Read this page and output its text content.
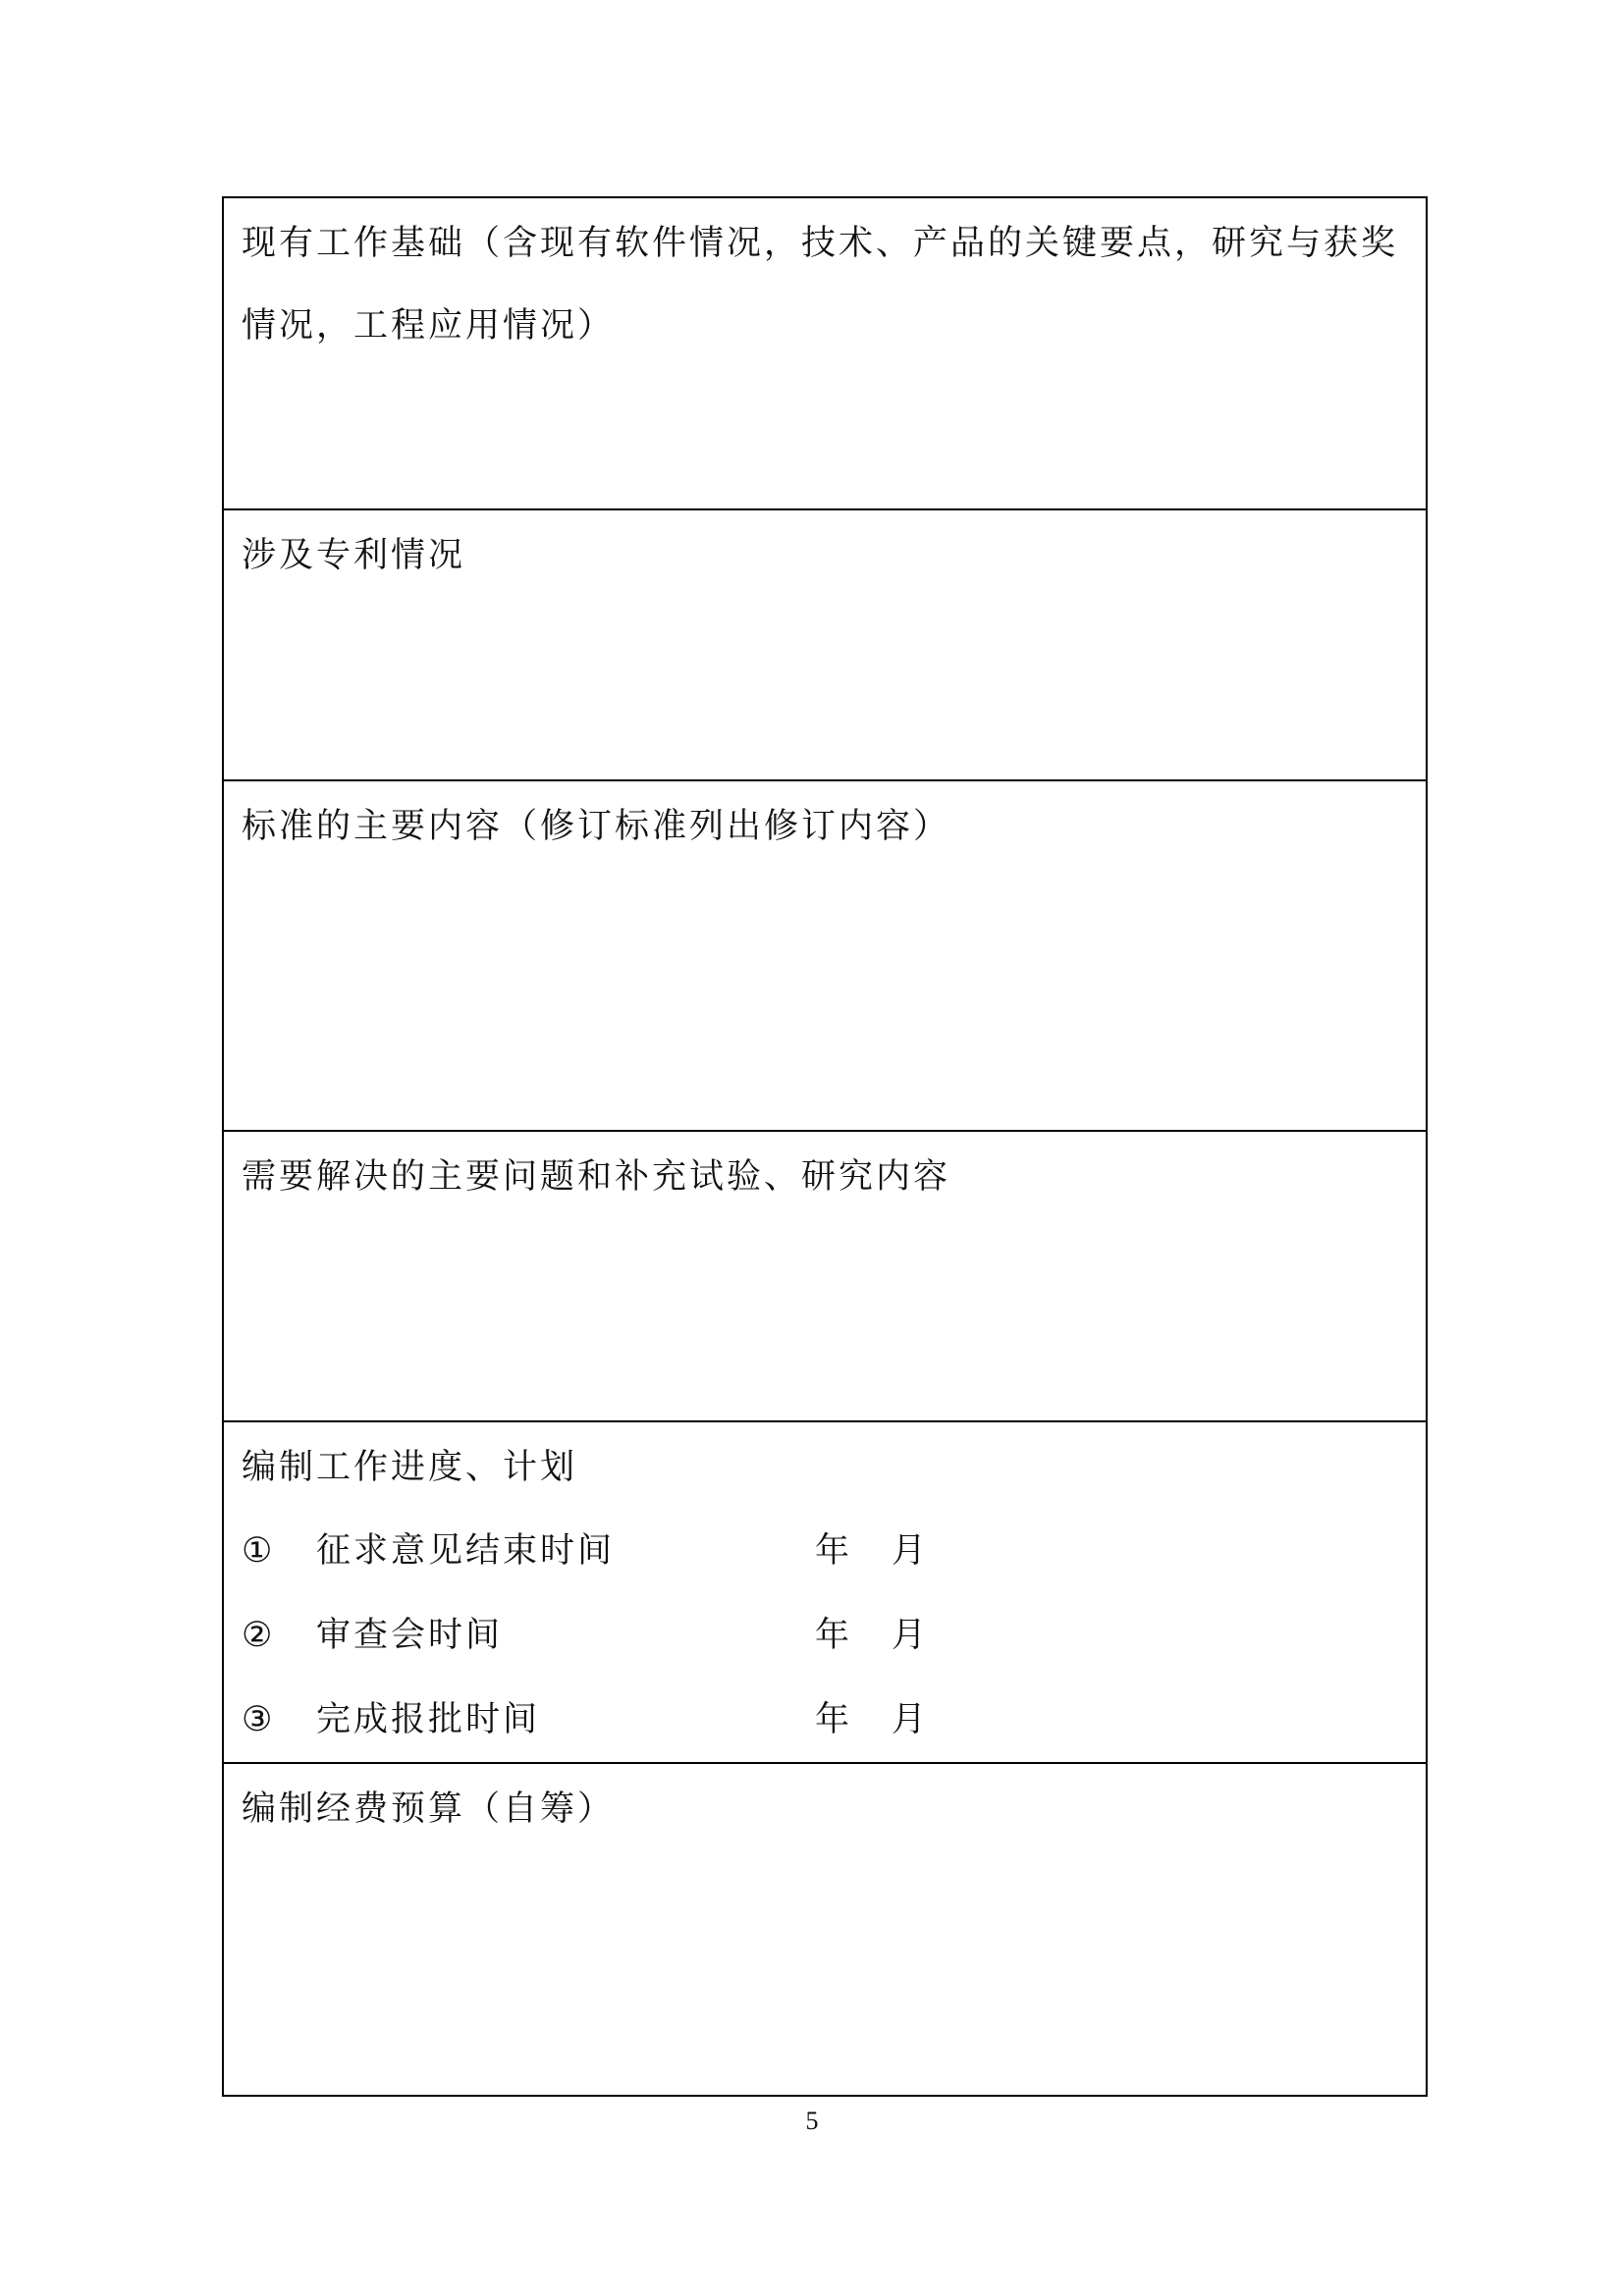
现有工作基础（含现有软件情况，技术、产品的关键要点，研究与获奖情况，工程应用情况）
涉及专利情况
标准的主要内容（修订标准列出修订内容）
需要解决的主要问题和补充试验、研究内容
编制工作进度、计划
① 征求意见结束时间	年 月
② 审查会时间	年 月
③ 完成报批时间	年 月
编制经费预算（自筹）
5
